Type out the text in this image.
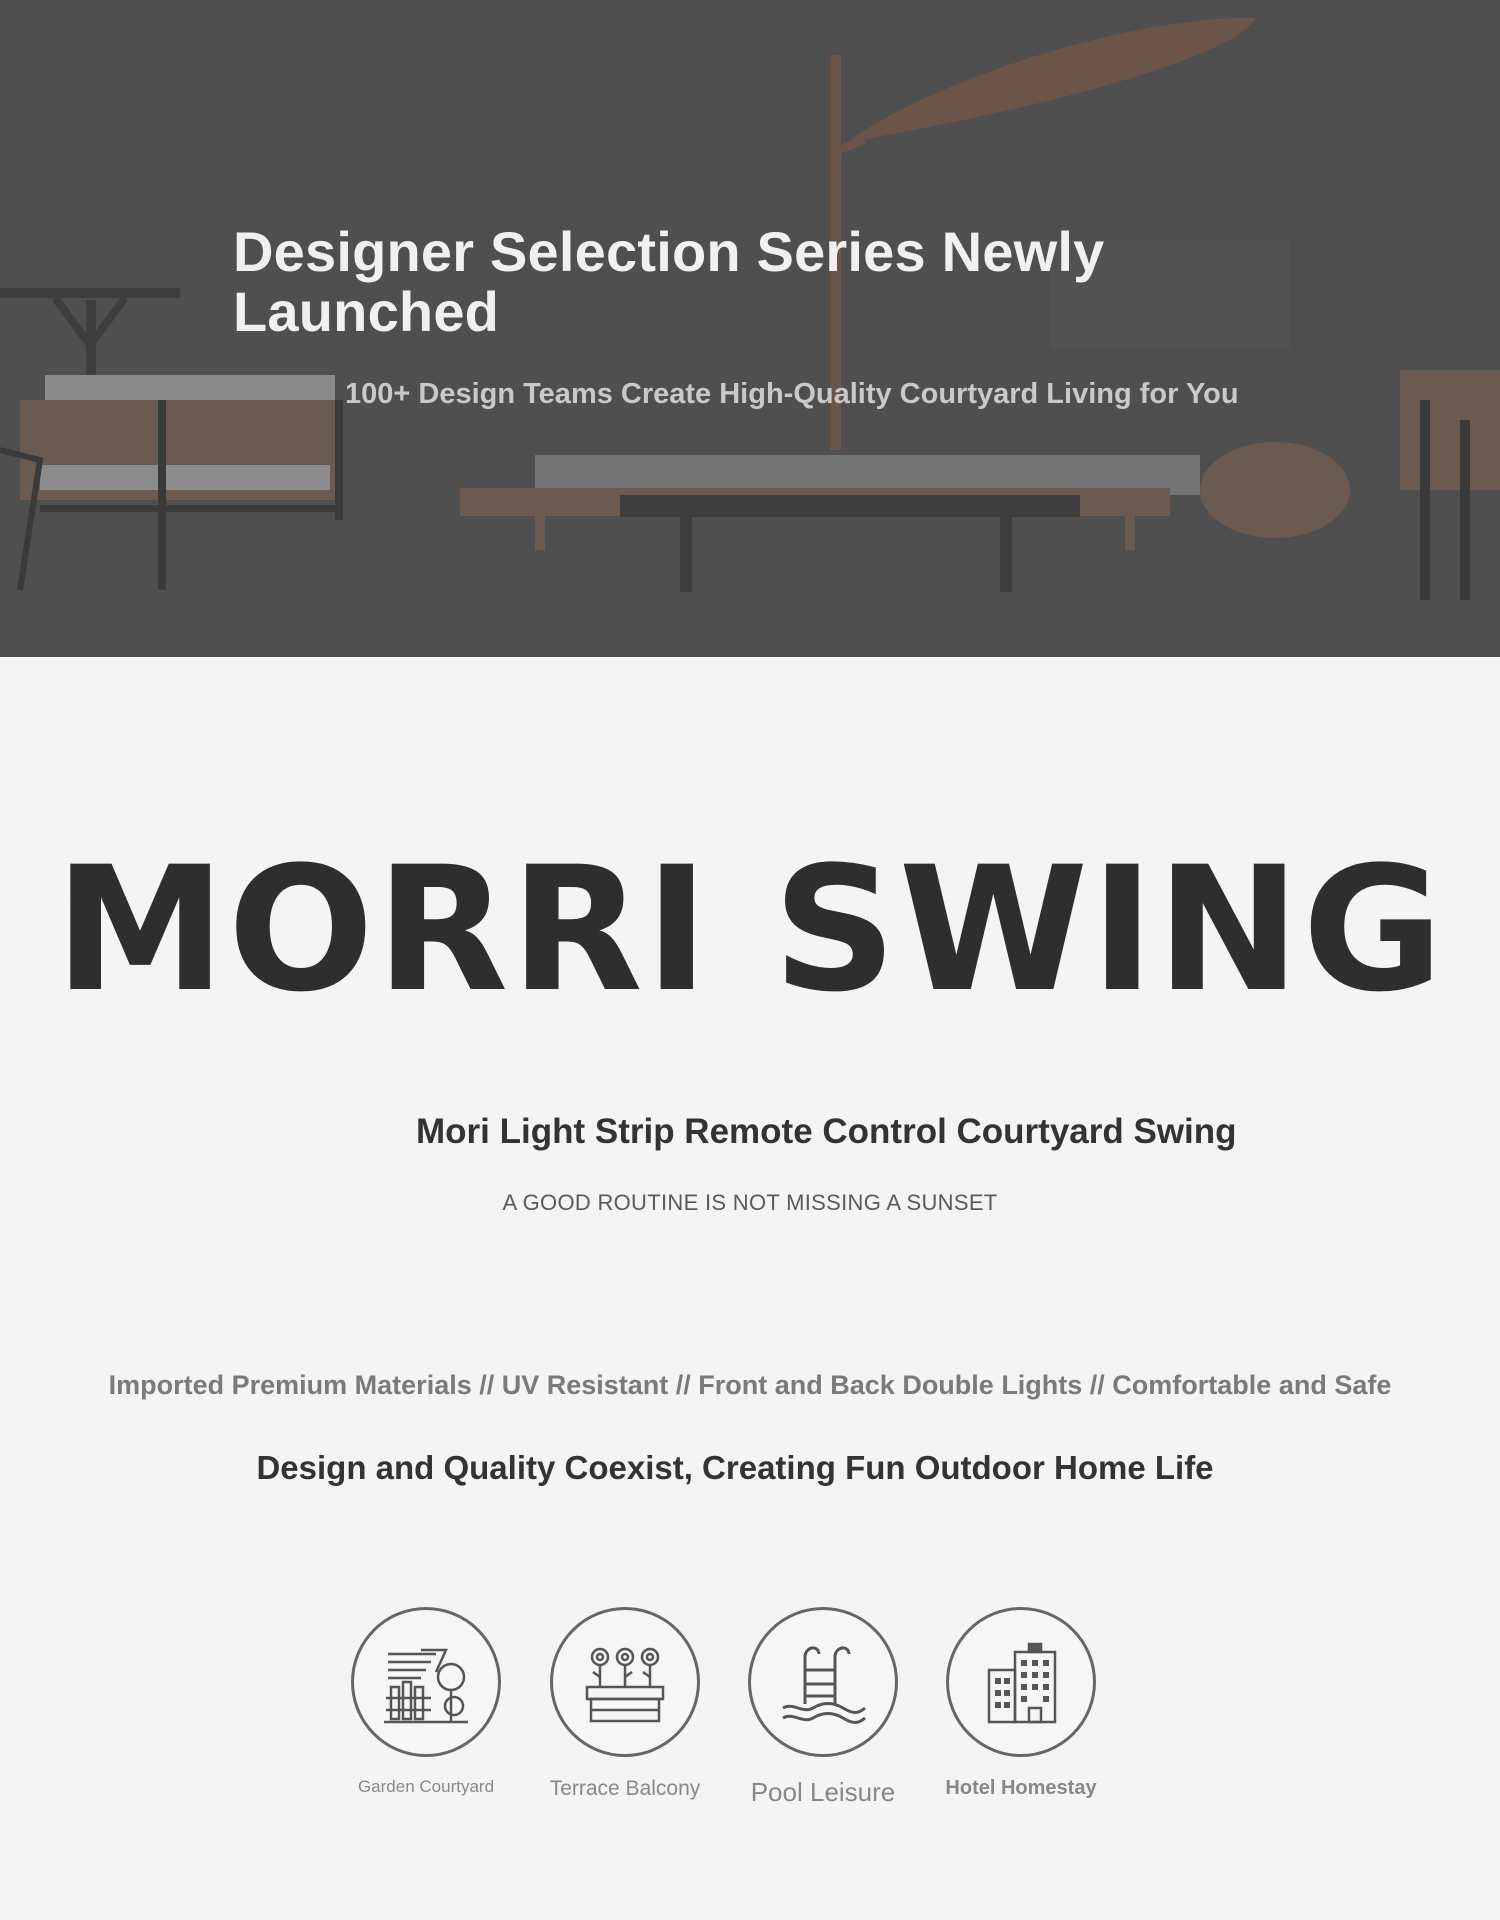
Designer Selection Series Newly Launched
100+ Design Teams Create High-Quality Courtyard Living for You
MORRI SWING
Mori Light Strip Remote Control Courtyard Swing
A GOOD ROUTINE IS NOT MISSING A SUNSET
Imported Premium Materials // UV Resistant // Front and Back Double Lights // Comfortable and Safe
Design and Quality Coexist, Creating Fun Outdoor Home Life
Garden Courtyard	Terrace Balcony	Pool Leisure	Hotel Homestay
